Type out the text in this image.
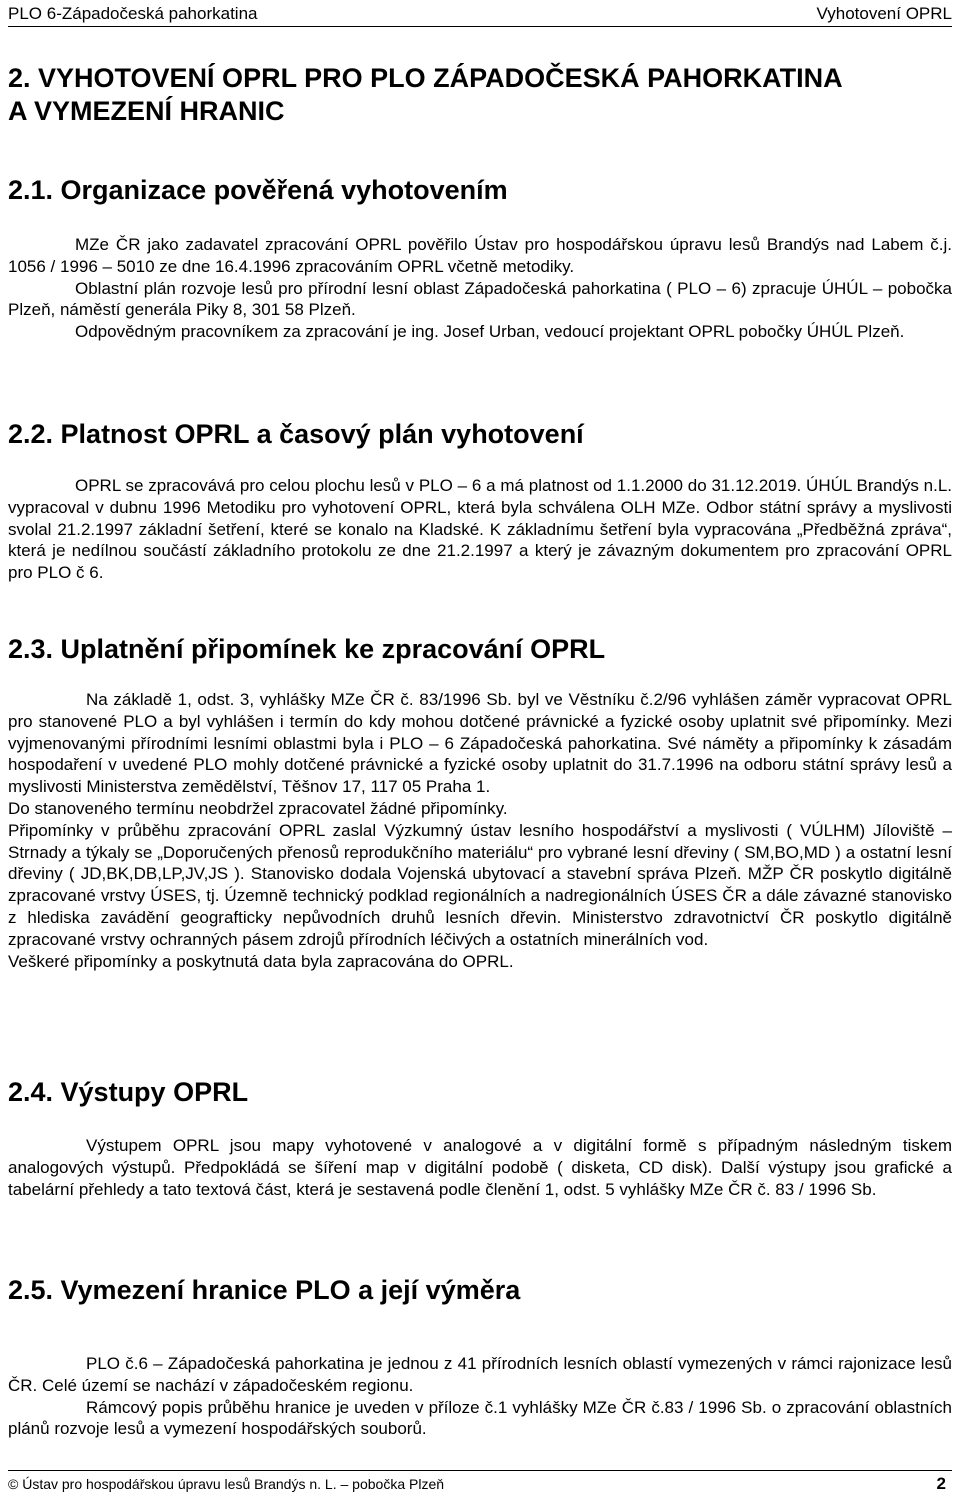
PLO 6-Západočeská pahorkatina	Vyhotovení OPRL
2. VYHOTOVENÍ OPRL PRO PLO ZÁPADOČESKÁ PAHORKATINA
A VYMEZENÍ HRANIC
2.1. Organizace pověřená vyhotovením

MZe ČR jako zadavatel zpracování OPRL pověřilo Ústav pro hospodářskou úpravu lesů Brandýs nad Labem č.j. 1056 / 1996 – 5010 ze dne 16.4.1996 zpracováním OPRL včetně metodiky.

Oblastní plán rozvoje lesů pro přírodní lesní oblast Západočeská pahorkatina ( PLO – 6) zpracuje ÚHÚL – pobočka Plzeň, náměstí generála Piky 8, 301 58 Plzeň.

Odpovědným pracovníkem za zpracování je ing. Josef Urban, vedoucí projektant OPRL pobočky ÚHÚL Plzeň.

2.2. Platnost OPRL a časový plán vyhotovení

OPRL se zpracovává pro celou plochu lesů v PLO – 6 a má platnost od 1.1.2000 do 31.12.2019. ÚHÚL Brandýs n.L. vypracoval v dubnu 1996 Metodiku pro vyhotovení OPRL, která byla schválena OLH MZe. Odbor státní správy a myslivosti svolal 21.2.1997 základní šetření, které se konalo na Kladské. K základnímu šetření byla vypracována „Předběžná zpráva“, která je nedílnou součástí základního protokolu ze dne 21.2.1997 a který je závazným dokumentem pro zpracování OPRL pro PLO č 6.

2.3. Uplatnění připomínek ke zpracování OPRL

Na základě 1, odst. 3, vyhlášky MZe ČR č. 83/1996 Sb. byl ve Věstníku č.2/96 vyhlášen záměr vypracovat OPRL pro stanovené PLO a byl vyhlášen i termín do kdy mohou dotčené právnické a fyzické osoby uplatnit své připomínky. Mezi vyjmenovanými přírodními lesními oblastmi byla i PLO – 6 Západočeská pahorkatina. Své náměty a připomínky k zásadám hospodaření v uvedené PLO mohly dotčené právnické a fyzické osoby uplatnit do 31.7.1996 na odboru státní správy lesů a myslivosti Ministerstva zemědělství, Těšnov 17, 117 05 Praha 1.

Do stanoveného termínu neobdržel zpracovatel žádné připomínky.

Připomínky v průběhu zpracování OPRL zaslal Výzkumný ústav lesního hospodářství a myslivosti ( VÚLHM) Jíloviště –Strnady a týkaly se „Doporučených přenosů reprodukčního materiálu“ pro vybrané lesní dřeviny ( SM,BO,MD ) a ostatní lesní dřeviny ( JD,BK,DB,LP,JV,JS ). Stanovisko dodala Vojenská ubytovací a stavební správa Plzeň. MŽP ČR poskytlo digitálně zpracované vrstvy ÚSES, tj. Územně technický podklad regionálních a nadregionálních ÚSES ČR a dále závazné stanovisko z hlediska zavádění geografticky nepůvodních druhů lesních dřevin. Ministerstvo zdravotnictví ČR poskytlo digitálně zpracované vrstvy ochranných pásem zdrojů přírodních léčivých a ostatních minerálních vod.

Veškeré připomínky a poskytnutá data byla zapracována do OPRL.

2.4. Výstupy OPRL

Výstupem OPRL jsou mapy vyhotovené v analogové a v digitální formě s případným následným tiskem analogových výstupů. Předpokládá se šíření map v digitální podobě ( disketa, CD disk). Další výstupy jsou grafické a tabelární přehledy a tato textová část, která je sestavená podle členění 1, odst. 5 vyhlášky MZe ČR č. 83 / 1996 Sb.

2.5. Vymezení hranice PLO a její výměra

PLO č.6 – Západočeská pahorkatina je jednou z 41 přírodních lesních oblastí vymezených v rámci rajonizace lesů ČR. Celé území se nachází v západočeském regionu.

Rámcový popis průběhu hranice je uveden v příloze č.1 vyhlášky MZe ČR č.83 / 1996 Sb. o zpracování oblastních plánů rozvoje lesů a vymezení hospodářských souborů.

© Ústav pro hospodářskou úpravu lesů Brandýs n. L. – pobočka Plzeň	2
